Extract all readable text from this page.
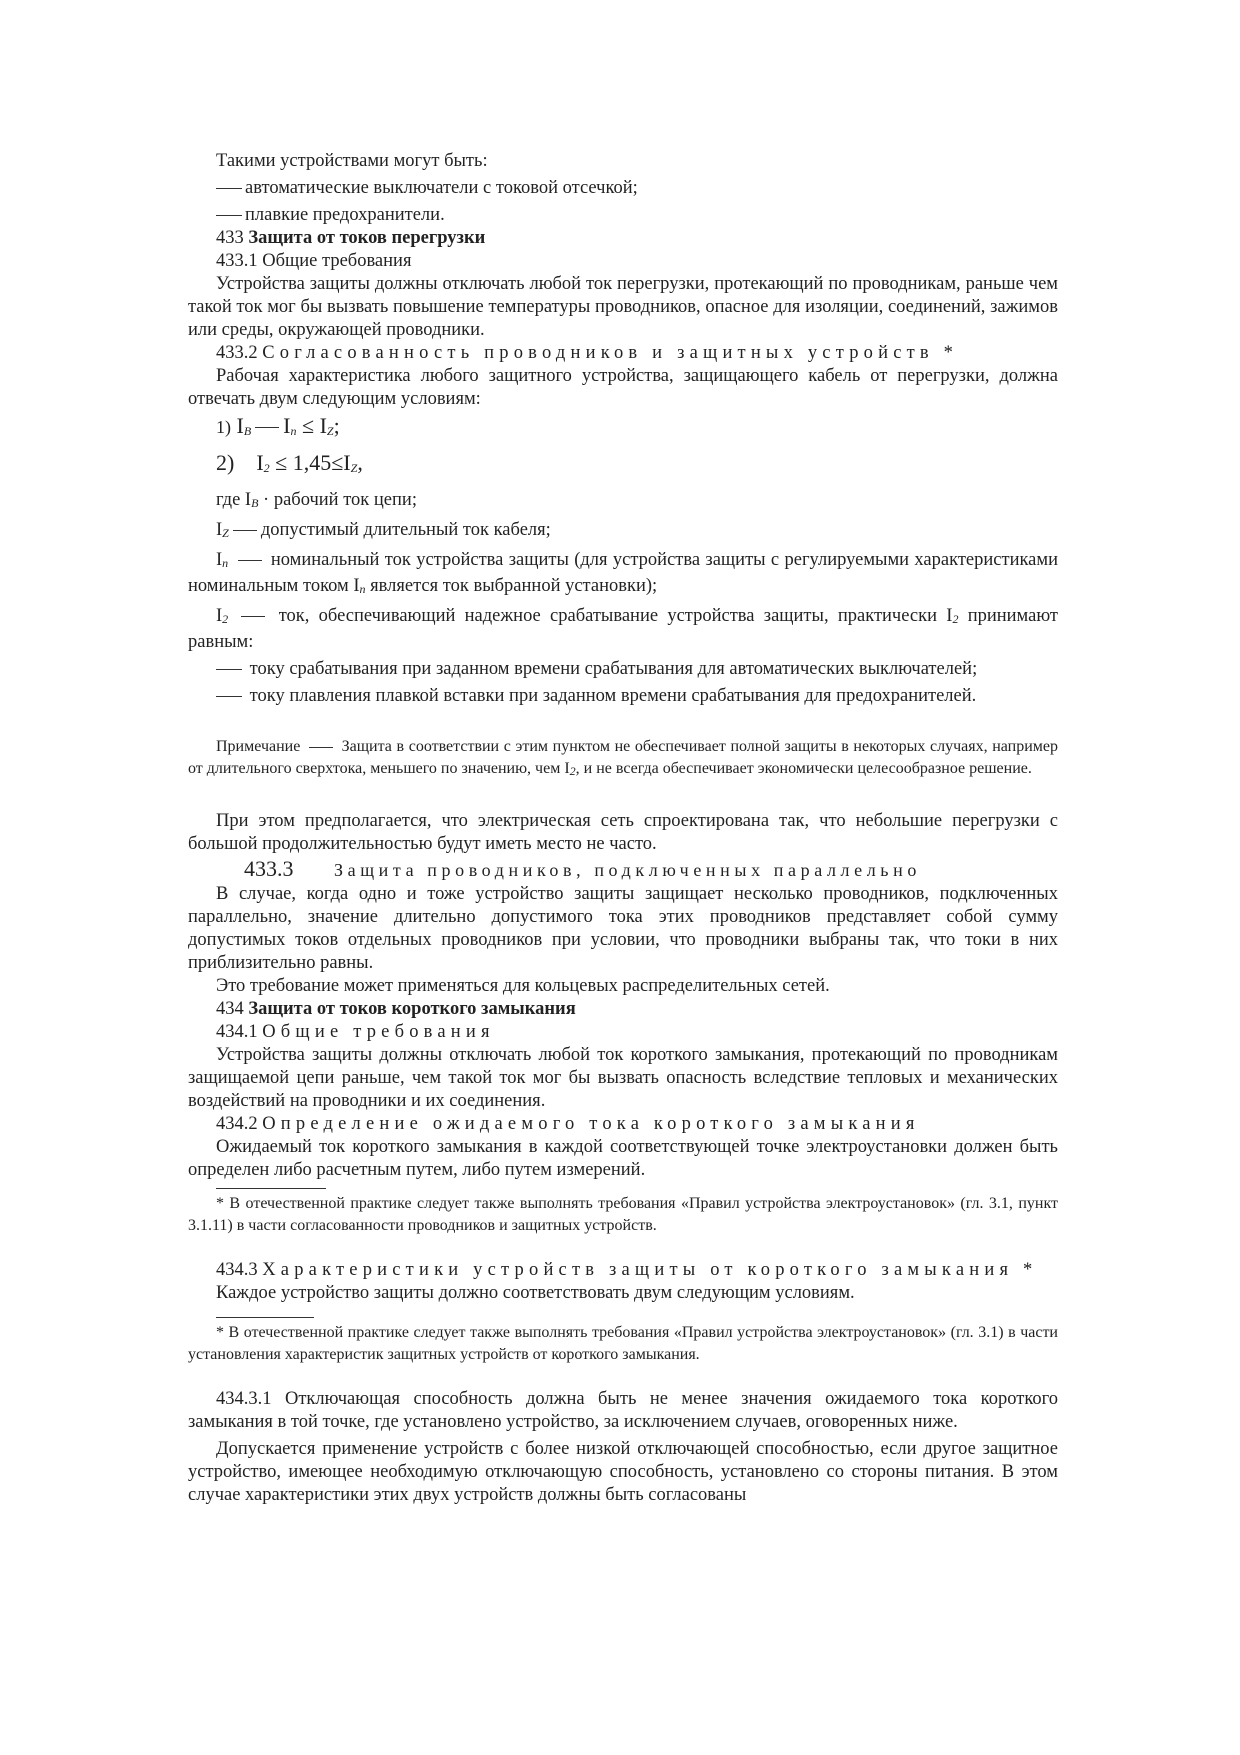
Такими устройствами могут быть:

автоматические выключатели с токовой отсечкой;

плавкие предохранители.

433 Защита от токов перегрузки

433.1 Общие требования

Устройства защиты должны отключать любой ток перегрузки, протекающий по проводникам, раньше чем такой ток мог бы вызвать повышение температуры проводников, опасное для изоляции, соединений, зажимов или среды, окружающей проводники.

433.2 Согласованность проводников и защитных устройств *

Рабочая характеристика любого защитного устройства, защищающего кабель от перегрузки, должна отвечать двум следующим условиям:

1) $I_B$ $I_n \le I_Z$;

2) $I_2 \le 1,45\le I_Z$,

где $I_B$ · рабочий ток цепи;

$I_Z$ допустимый длительный ток кабеля;

$I_n$ номинальный ток устройства защиты (для устройства защиты с регулируемыми характеристиками номинальным током $I_n$ является ток выбранной установки);

$I_2$	ток, обеспечивающий надежное срабатывание устройства защиты, практически $I_2$ принимают равным:

току срабатывания при заданном времени срабатывания для автоматических выключателей;

току плавления плавкой вставки при заданном времени срабатывания для предохранителей.

Примечание	Защита в соответствии с этим пунктом не обеспечивает полной защиты в некоторых случаях, например от длительного сверхтока, меньшего по значению, чем $I_2$, и не всегда обеспечивает экономически целесообразное решение.

При этом предполагается, что электрическая сеть спроектирована так, что небольшие перегрузки с большой продолжительностью будут иметь место не часто.

433.3 Защита проводников, подключенных параллельно

В случае, когда одно и тоже устройство защиты защищает несколько проводников, подключенных параллельно, значение длительно допустимого тока этих проводников представляет собой сумму допустимых токов отдельных проводников при условии, что проводники выбраны так, что токи в них приблизительно равны.

Это требование может применяться для кольцевых распределительных сетей.

434 Защита от токов короткого замыкания

434.1 Общие требования

Устройства защиты должны отключать любой ток короткого замыкания, протекающий по проводникам защищаемой цепи раньше, чем такой ток мог бы вызвать опасность вследствие тепловых и механических воздействий на проводники и их соединения.

434.2 Определение ожидаемого тока короткого замыкания

Ожидаемый ток короткого замыкания в каждой соответствующей точке электроустановки должен быть определен либо расчетным путем, либо путем измерений.

* В отечественной практике следует также выполнять требования «Правил устройства электроустановок» (гл. 3.1, пункт 3.1.11) в части согласованности проводников и защитных устройств.

434.3 Характеристики устройств защиты от короткого замыкания *

Каждое устройство защиты должно соответствовать двум следующим условиям.

* В отечественной практике следует также выполнять требования «Правил устройства электроустановок» (гл. 3.1) в части установления характеристик защитных устройств от короткого замыкания.

434.3.1 Отключающая способность должна быть не менее значения ожидаемого тока короткого замыкания в той точке, где установлено устройство, за исключением случаев, оговоренных ниже.

Допускается применение устройств с более низкой отключающей способностью, если другое защитное устройство, имеющее необходимую отключающую способность, установлено со стороны питания. В этом случае характеристики этих двух устройств должны быть согласованы
